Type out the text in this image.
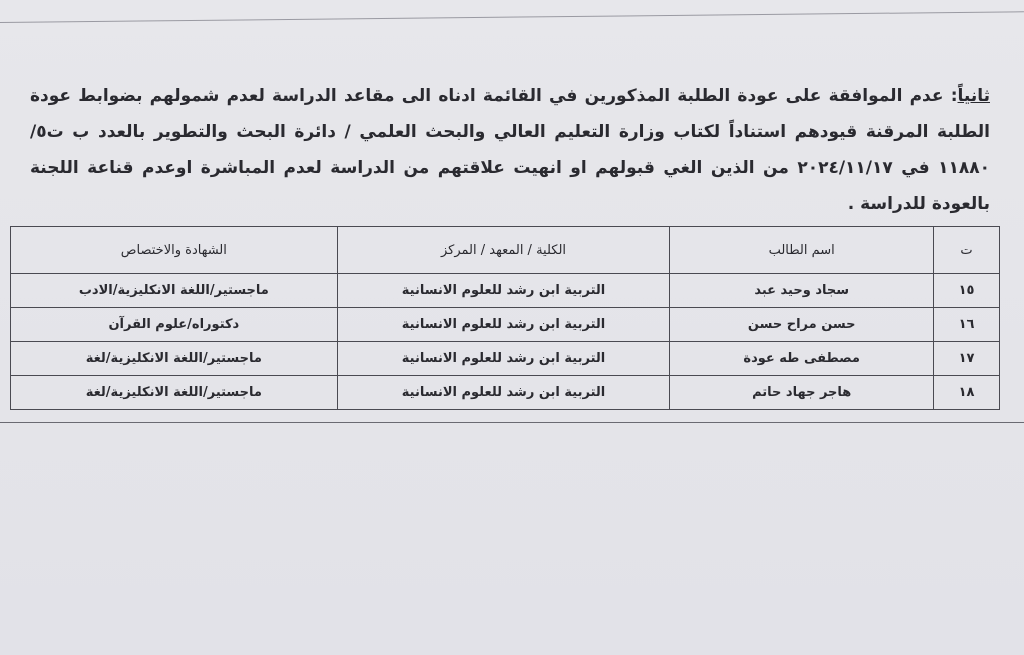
ثانياً: عدم الموافقة على عودة الطلبة المذكورين في القائمة ادناه الى مقاعد الدراسة لعدم شمولهم بضوابط عودة الطلبة المرقنة قيودهم استناداً لكتاب وزارة التعليم العالي والبحث العلمي / دائرة البحث والتطوير بالعدد ب ت٥/ ١١٨٨٠ في ٢٠٢٤/١١/١٧ من الذين الغي قبولهم او انهيت علاقتهم من الدراسة لعدم المباشرة اوعدم قناعة اللجنة بالعودة للدراسة .
ت	اسم الطالب	الكلية / المعهد / المركز	الشهادة والاختصاص
١٥	سجاد وحيد عبد	التربية ابن رشد للعلوم الانسانية	ماجستير/اللغة الانكليزية/الادب
١٦	حسن مراح حسن	التربية ابن رشد للعلوم الانسانية	دكتوراه/علوم القرآن
١٧	مصطفى طه عودة	التربية ابن رشد للعلوم الانسانية	ماجستير/اللغة الانكليزية/لغة
١٨	هاجر جهاد حاتم	التربية ابن رشد للعلوم الانسانية	ماجستير/اللغة الانكليزية/لغة
